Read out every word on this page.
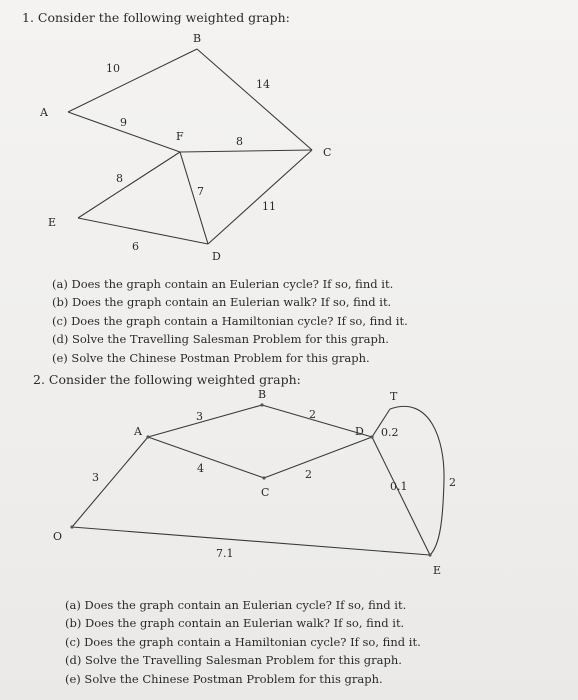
1. Consider the following weighted graph:
B
A
F
C
E
D
10
14
9
8
8
7
11
6
(a) Does the graph contain an Eulerian cycle? If so, find it.
(b) Does the graph contain an Eulerian walk? If so, find it.
(c) Does the graph contain a Hamiltonian cycle? If so, find it.
(d) Solve the Travelling Salesman Problem for this graph.
(e) Solve the Chinese Postman Problem for this graph.
2. Consider the following weighted graph:
B	T
A	D
C
O
E
3	2
0.2
4	2
3
0.1	2
7.1
(a) Does the graph contain an Eulerian cycle? If so, find it.
(b) Does the graph contain an Eulerian walk? If so, find it.
(c) Does the graph contain a Hamiltonian cycle? If so, find it.
(d) Solve the Travelling Salesman Problem for this graph.
(e) Solve the Chinese Postman Problem for this graph.
